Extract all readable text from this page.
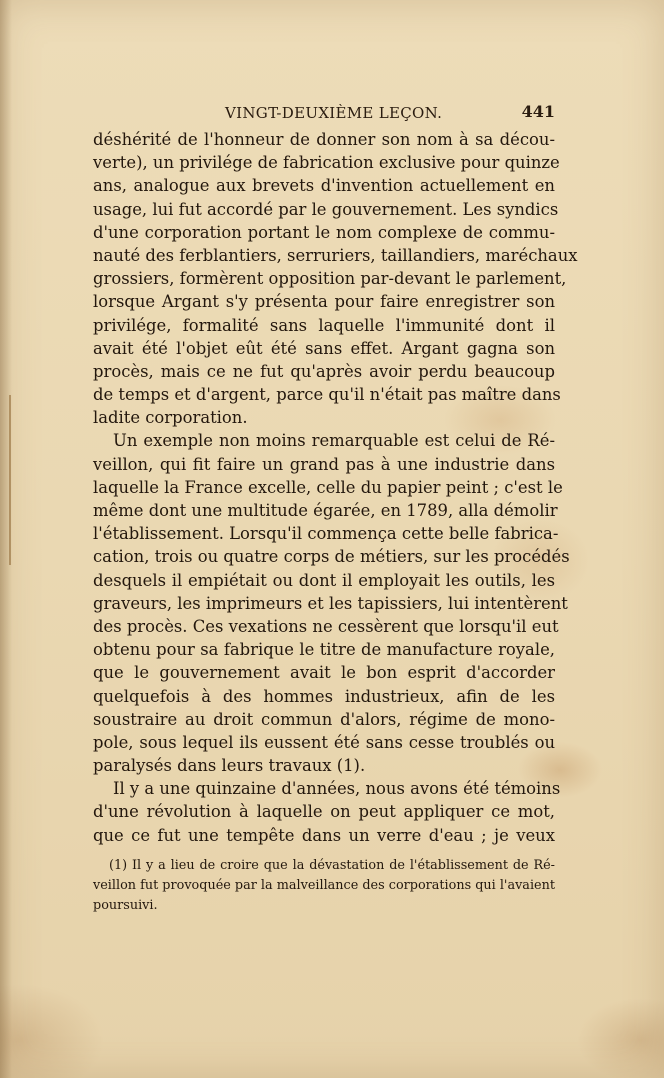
VINGT-DEUXIÈME LEÇON.	441
déshérité de l'honneur de donner son nom à sa décou-
verte), un privilége de fabrication exclusive pour quinze
ans, analogue aux brevets d'invention actuellement en
usage, lui fut accordé par le gouvernement. Les syndics
d'une corporation portant le nom complexe de commu-
nauté des ferblantiers, serruriers, taillandiers, maréchaux
grossiers, formèrent opposition par-devant le parlement,
lorsque Argant s'y présenta pour faire enregistrer son
privilége, formalité sans laquelle l'immunité dont il
avait été l'objet eût été sans effet. Argant gagna son
procès, mais ce ne fut qu'après avoir perdu beaucoup
de temps et d'argent, parce qu'il n'était pas maître dans
ladite corporation.
Un exemple non moins remarquable est celui de Ré-
veillon, qui fit faire un grand pas à une industrie dans
laquelle la France excelle, celle du papier peint ; c'est le
même dont une multitude égarée, en 1789, alla démolir
l'établissement. Lorsqu'il commença cette belle fabrica-
cation, trois ou quatre corps de métiers, sur les procédés
desquels il empiétait ou dont il employait les outils, les
graveurs, les imprimeurs et les tapissiers, lui intentèrent
des procès. Ces vexations ne cessèrent que lorsqu'il eut
obtenu pour sa fabrique le titre de manufacture royale,
que le gouvernement avait le bon esprit d'accorder
quelquefois à des hommes industrieux, afin de les
soustraire au droit commun d'alors, régime de mono-
pole, sous lequel ils eussent été sans cesse troublés ou
paralysés dans leurs travaux (1).
Il y a une quinzaine d'années, nous avons été témoins
d'une révolution à laquelle on peut appliquer ce mot,
que ce fut une tempête dans un verre d'eau ; je veux
(1) Il y a lieu de croire que la dévastation de l'établissement de Ré-
veillon fut provoquée par la malveillance des corporations qui l'avaient
poursuivi.
